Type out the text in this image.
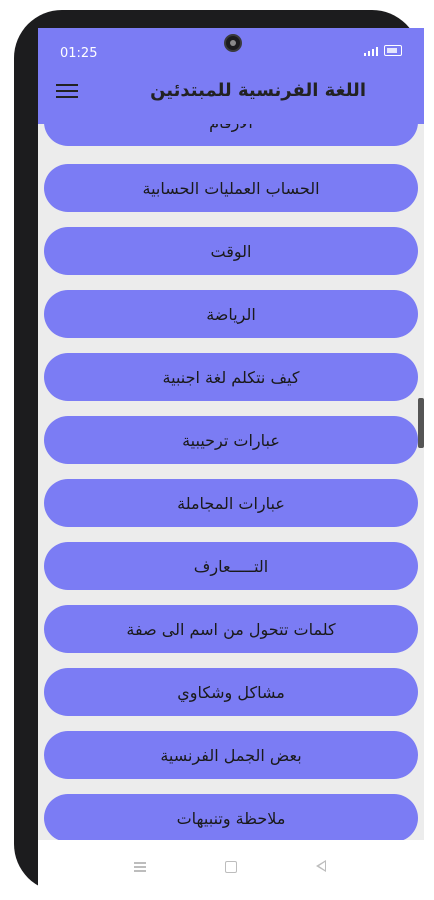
الحساب العمليات الحسابية
الوقت
الرياضة
كيف نتكلم لغة اجنبية
عبارات ترحيبية
عبارات المجاملة
التـــــعارف
كلمات تتحول من اسم الى صفة
مشاكل وشكاوي
بعض الجمل الفرنسية
ملاحظة وتنبيهات
01:25
اللغة الفرنسية للمبتدئين
